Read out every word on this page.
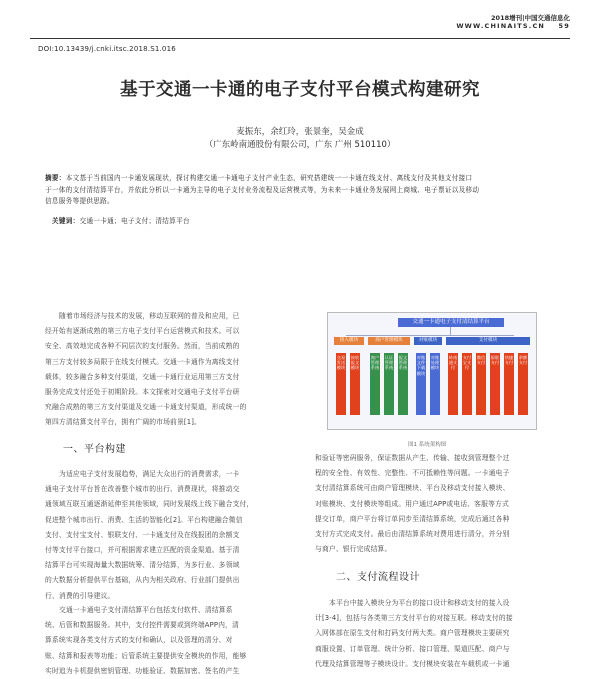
2018增刊|中国交通信息化
WWW.CHINAITS.CN 59
DOI:10.13439/j.cnki.itsc.2018.S1.016
基于交通一卡通的电子支付平台模式构建研究
麦振东，余红玲，张景奎，吴金成
（广东岭南通股份有限公司，广东 广州 510110）
摘要：本文基于当前国内一卡通发展现状，探讨构建交通一卡通电子支付产业生态，研究搭建统一一卡通在线支付、离线支付及其他支付接口
于一体的支付清结算平台，并依此分析以一卡通为主导的电子支付业务流程及运营模式等，为未来一卡通业务发展网上商城、电子票证以及移动
信息服务等提供思路。
关键词：交通一卡通；电子支付；清结算平台
随着市场经济与技术的发展，移动互联网的普及和应用，已
经开始有逐渐成熟的第三方电子支付平台运营模式和技术。可以
安全、高效地完成各种不同层次的支付服务。然而，当前成熟的
第三方支付较多局限于在线支付模式。交通一卡通作为离线支付
载体，较多融合多种支付渠道，交通一卡通行业运用第三方支付
服务完成支付还处于初期阶段。本文探索对交通电子支付平台研
究融合成熟的第三方支付渠道及交通一卡通支付渠道，形成统一的
第四方清结算支付平台，拥有广阔的市场前景[1]。
一、平台构建
为适应电子支付发展趋势，满足大众出行的消费需求，一卡
通电子支付平台旨在改善整个城市的出行、消费现状，将推动交
通领域互联互通逐渐延伸至其他领域，同时发展线上线下融合支付，
促进整个城市出行、消费、生活的智能化[2]。平台构建融合微信
支付、支付宝支付、银联支付、一卡通支付及在线报团的余额支
付等支付平台接口，并可根据需求建立匹配的资金渠道。基于清
结算平台可实现海量大数据统筹、清分结算，为多行业、多领域
的大数据分析提供平台基础，从内为相关政府、行业部门提供出
行、消费的引导建议。
交通一卡通电子支付清结算平台包括支付软件、清结算系
统、后管和数据服务。其中，支付控件需要或到终端APP内，清
算系统实现各类支付方式的支付和确认，以及管理的清分、对
账、结算和报表等功能；后管系统主要提供安全模块的作用，能够
实时追为卡机提供密钥管理、功能验证、数据加密、签名的产生
交通一卡通电子支付清结算平台
接入模块
交易发送模块
接收报文模块
商户管理模块
商户管理系统
认证管理系统
报文管理系统
对账模块
对账文件下载模块
对账处理模块
支付模块
岭南通支付
支付宝支付
微信支付
银联支付
快捷支付
余额支付
图1 系统架构图
和验证等密码服务，保证数据从产生、传输、接收到管理整个过
程的安全性、有效性、完整性、不可抵赖性等问题。一卡通电子
支付清结算系统可由商户管理模块、平台及移动支付接入模块、
对账模块、支付模块等组成。用户通过APP或电话、客服等方式
提交订单，商户平台将订单同步至清结算系统，完成后通过各种
支付方式完成支付。最后由清结算系统对费用进行清分，并分别
与商户、银行完成结算。
二、支付流程设计
本平台中接入模块分为平台的接口设计和移动支付的接入设
计[3-4]，包括与各类第三方支付平台的对接互联。移动支付的接
入网体部在原生支付和打码支付两大类。商户管理模块主要研究
商服设置、订单管理、统计分析、接口管理、渠道匹配、商户与
代理及结算管理等子模块设计。支付模块安装在车载机或一卡通
